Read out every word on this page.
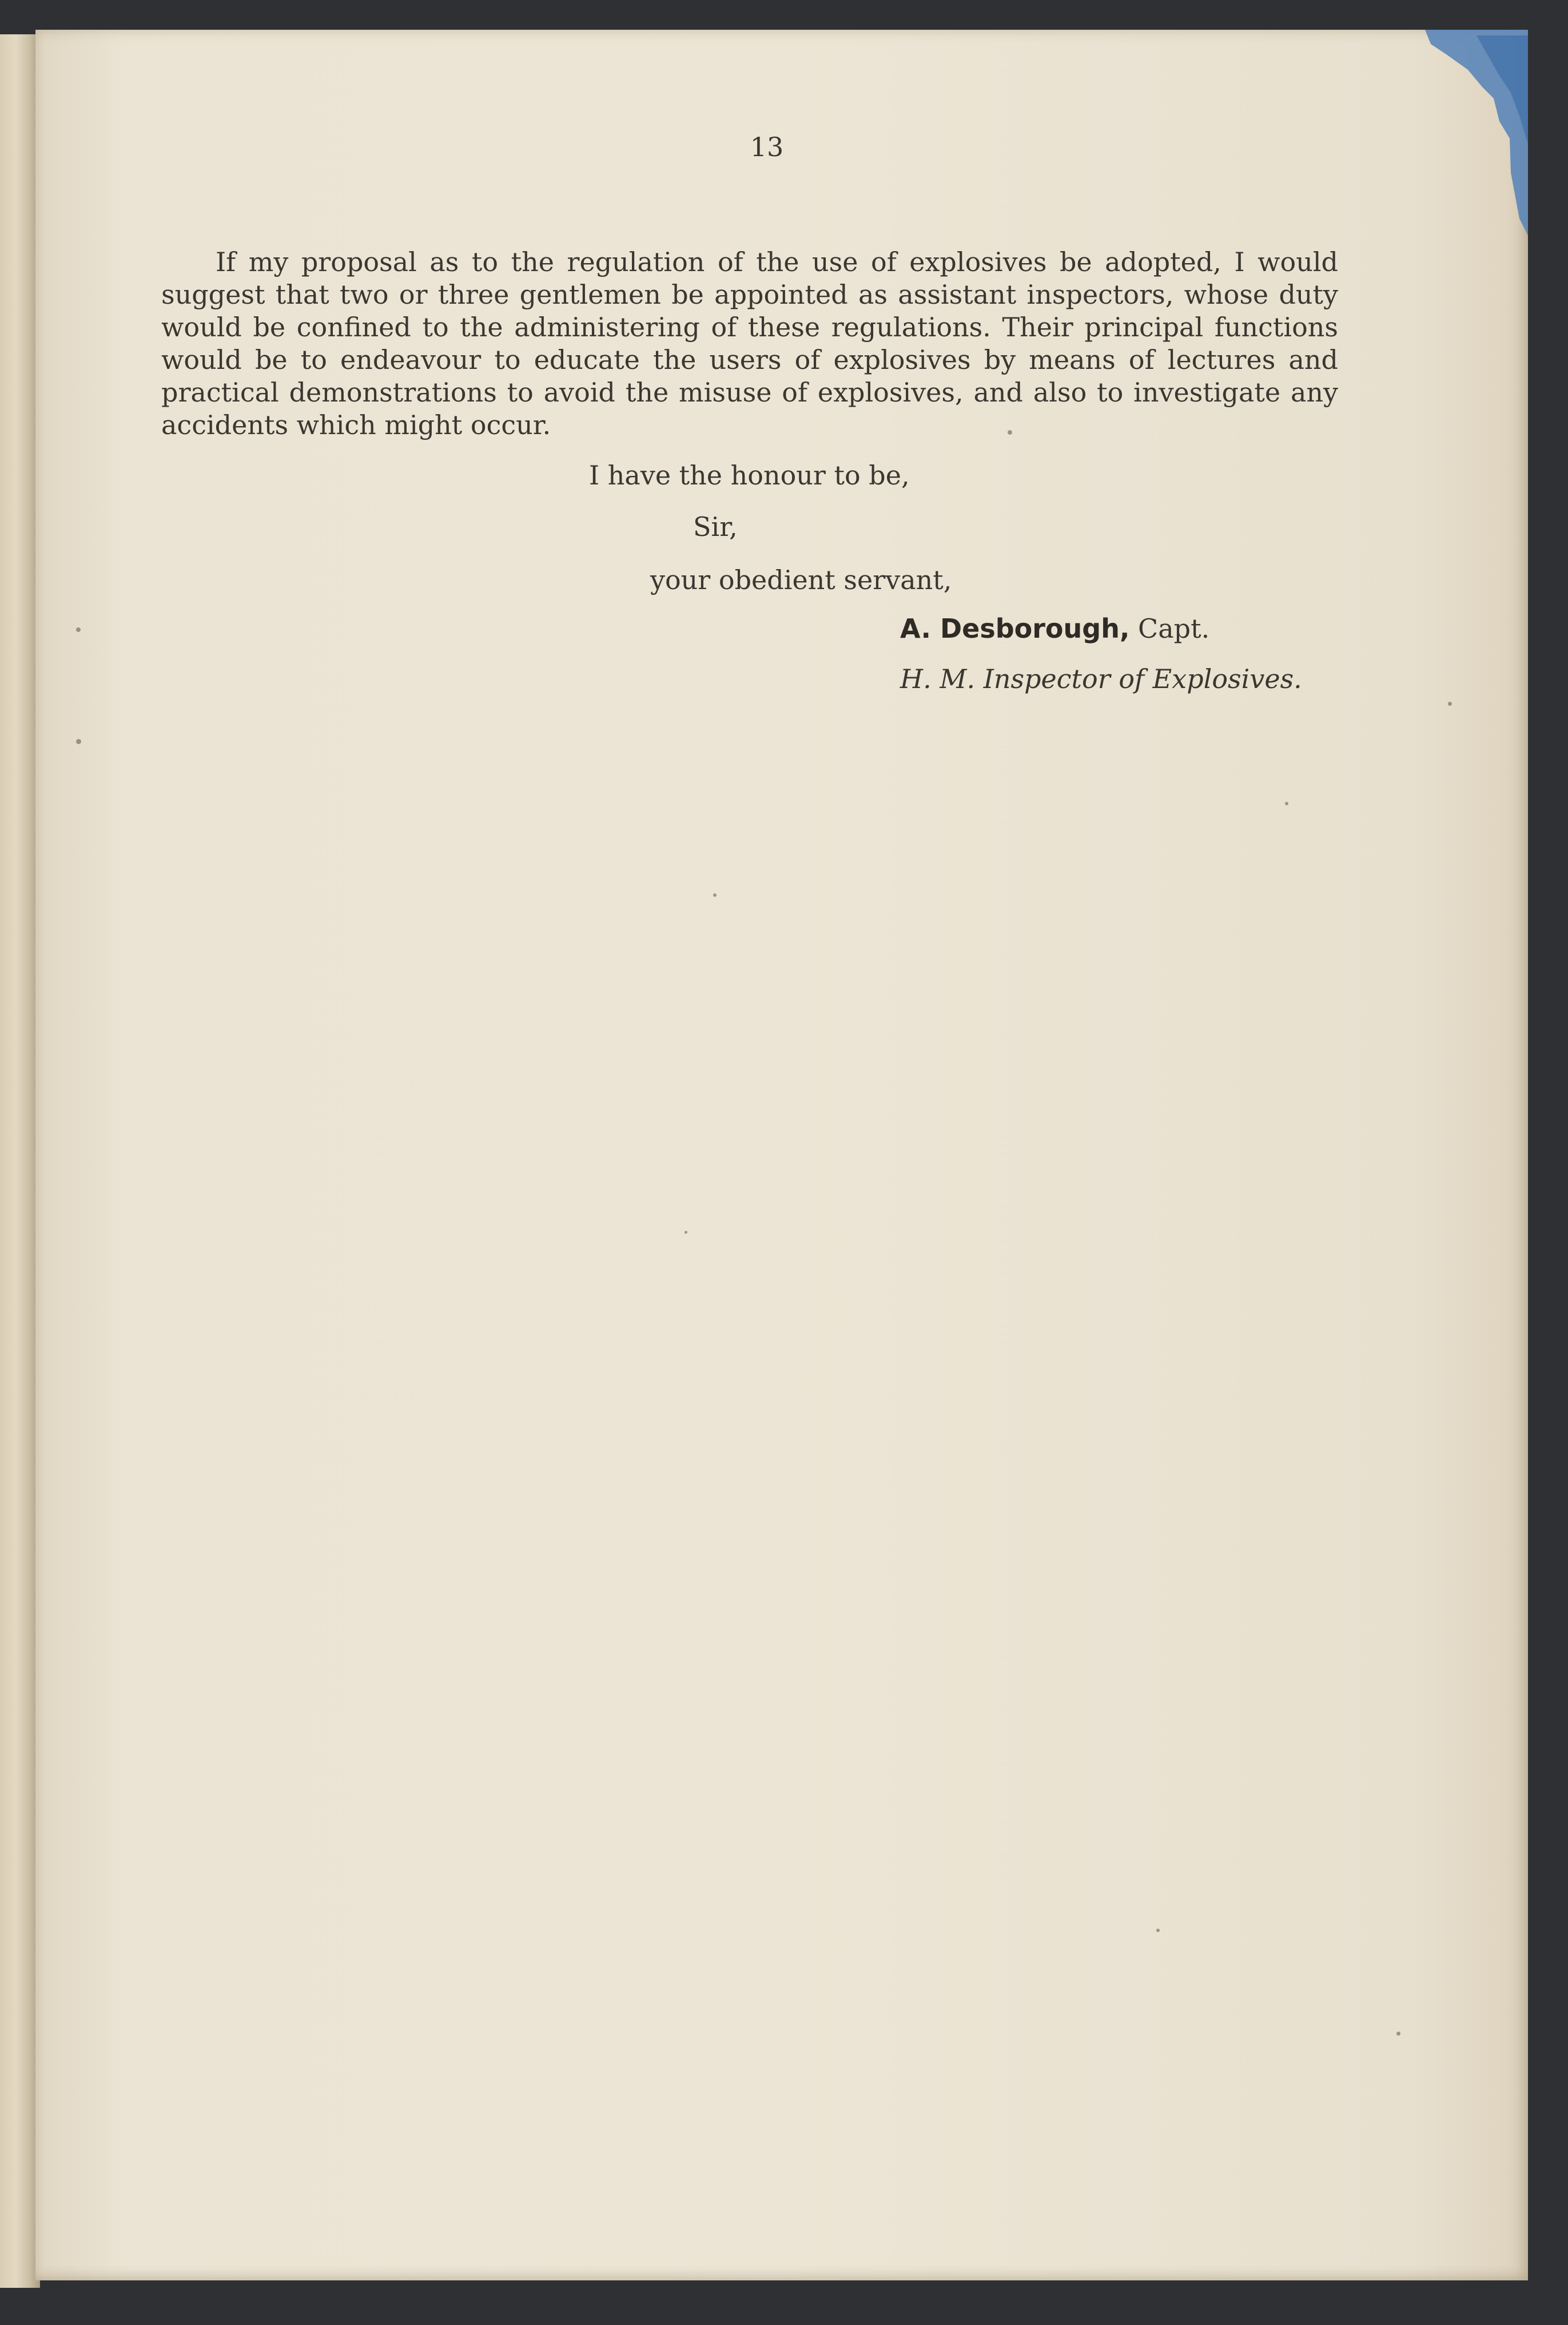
13

If my proposal as to the regulation of the use of explosives be adopted, I would suggest that two or three gentlemen be appointed as assistant inspectors, whose duty would be confined to the administering of these regulations. Their principal functions would be to endeavour to educate the users of explosives by means of lectures and practical demonstrations to avoid the misuse of explosives, and also to investigate any accidents which might occur.

I have the honour to be,
Sir,
your obedient servant,
A. Desborough, Capt.
H. M. Inspector of Explosives.
